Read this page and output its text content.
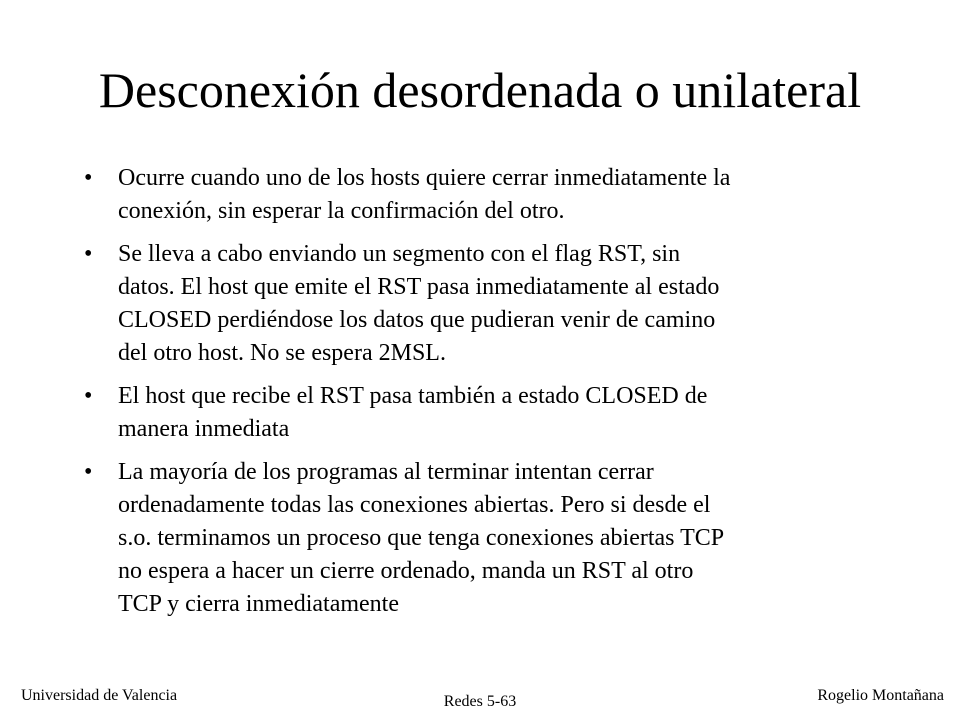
Desconexión desordenada o unilateral
•	Ocurre cuando uno de los hosts quiere cerrar inmediatamente la
conexión, sin esperar la confirmación del otro.
•	Se lleva a cabo enviando un segmento con el flag RST, sin
datos. El host que emite el RST pasa inmediatamente al estado
CLOSED perdiéndose los datos que pudieran venir de camino
del otro host. No se espera 2MSL.
•	El host que recibe el RST pasa también a estado CLOSED de
manera inmediata
•	La mayoría de los programas al terminar intentan cerrar
ordenadamente todas las conexiones abiertas. Pero si desde el
s.o. terminamos un proceso que tenga conexiones abiertas TCP
no espera a hacer un cierre ordenado, manda un RST al otro
TCP y cierra inmediatamente
Universidad de Valencia	Redes 5-63	Rogelio Montañana
